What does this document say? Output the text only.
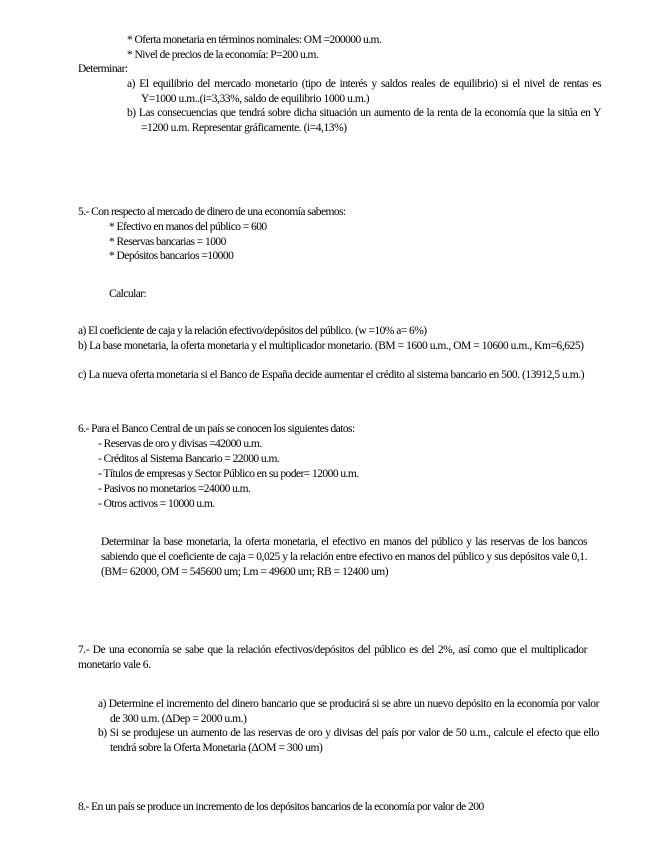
* Oferta monetaria en términos nominales: OM =200000 u.m.
* Nivel de precios de la economía: P=200 u.m.
Determinar:
a) El equilibrio del mercado monetario (tipo de interés y saldos reales de equilibrio) si el nivel de rentas es Y=1000 u.m..(i=3,33%, saldo de equilibrio 1000 u.m.)
b) Las consecuencias que tendrá sobre dicha situación un aumento de la renta de la economía que la sitúa en Y =1200 u.m. Representar gráficamente. (i=4,13%)
5.- Con respecto al mercado de dinero de una economía sabemos:
* Efectivo en manos del público = 600
* Reservas bancarias = 1000
* Depósitos bancarios =10000
Calcular:
a) El coeficiente de caja y la relación efectivo/depósitos del público. (w =10% a= 6%)
b) La base monetaria, la oferta monetaria y el multiplicador monetario. (BM = 1600 u.m., OM = 10600 u.m., Km=6,625)
c) La nueva oferta monetaria si el Banco de España decide aumentar el crédito al sistema bancario en 500. (13912,5 u.m.)
6.- Para el Banco Central de un país se conocen los siguientes datos:
- Reservas de oro y divisas =42000 u.m.
- Créditos al Sistema Bancario = 22000 u.m.
- Títulos de empresas y Sector Público en su poder= 12000 u.m.
- Pasivos no monetarios =24000 u.m.
- Otros activos = 10000 u.m.
Determinar la base monetaria, la oferta monetaria, el efectivo en manos del público y las reservas de los bancos sabiendo que el coeficiente de caja = 0,025 y la relación entre efectivo en manos del público y sus depósitos vale 0,1. (BM= 62000, OM = 545600 um; Lm = 49600 um; RB = 12400 um)
7.- De una economía se sabe que la relación efectivos/depósitos del público es del 2%, así como que el multiplicador monetario vale 6.
a) Determine el incremento del dinero bancario que se producirá si se abre un nuevo depósito en la economía por valor de 300 u.m. (ΔDep = 2000 u.m.)
b) Si se produjese un aumento de las reservas de oro y divisas del país por valor de 50 u.m., calcule el efecto que ello tendrá sobre la Oferta Monetaria (ΔOM = 300 um)
8.- En un país se produce un incremento de los depósitos bancarios de la economía por valor de 200
